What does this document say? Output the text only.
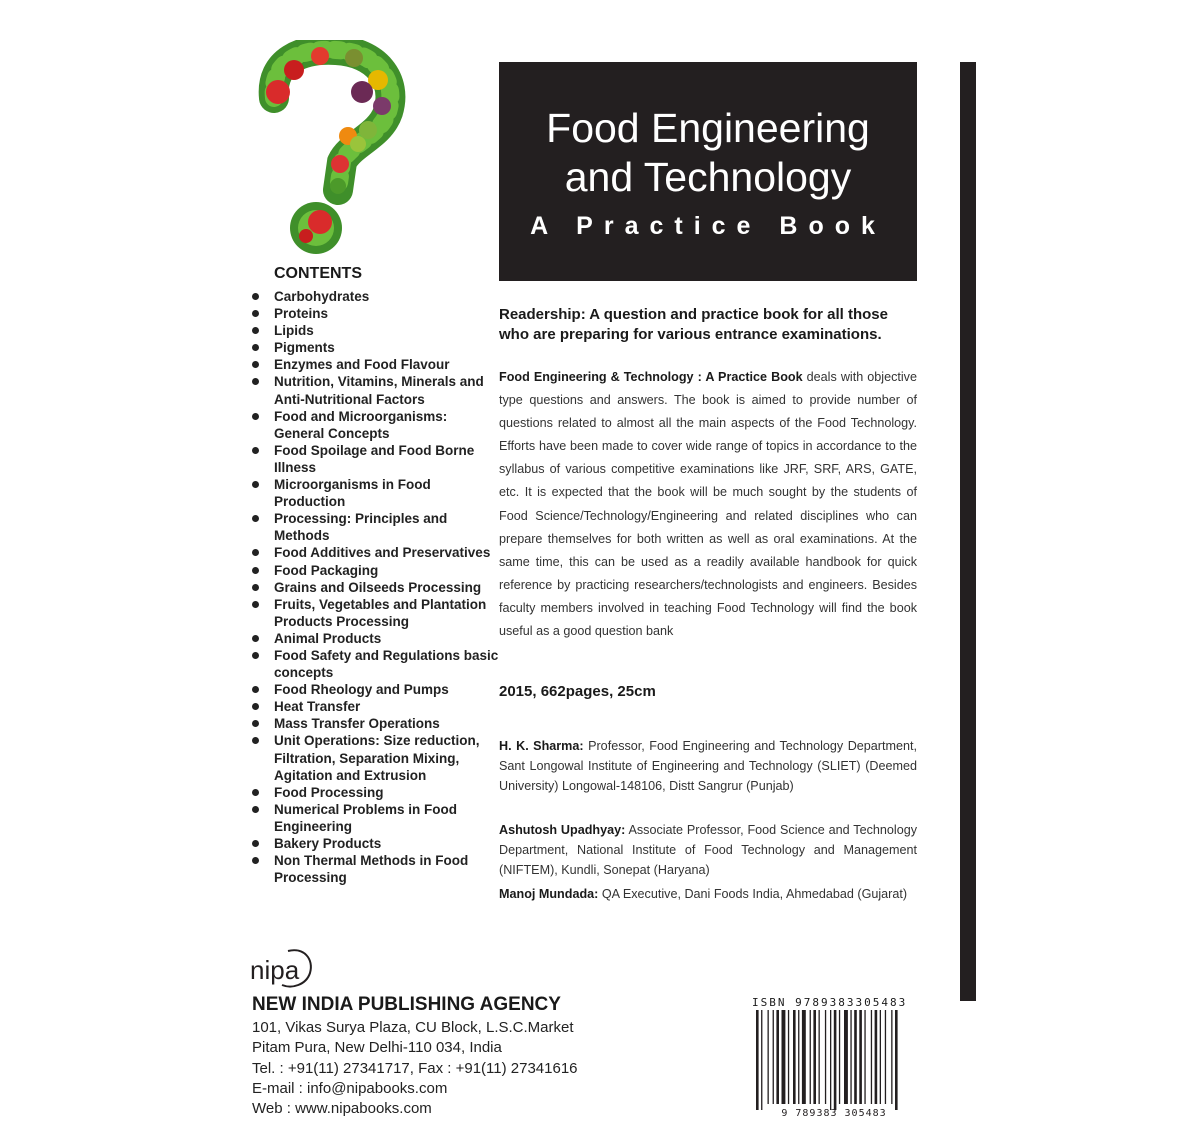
CONTENTS
Carbohydrates
Proteins
Lipids
Pigments
Enzymes and Food Flavour
Nutrition, Vitamins, Minerals and Anti-Nutritional Factors
Food and Microorganisms: General Concepts
Food Spoilage and Food Borne Illness
Microorganisms in Food Production
Processing: Principles and Methods
Food Additives and Preservatives
Food Packaging
Grains and Oilseeds Processing
Fruits, Vegetables and Plantation Products Processing
Animal Products
Food Safety and Regulations basic concepts
Food Rheology and Pumps
Heat Transfer
Mass Transfer Operations
Unit Operations: Size reduction, Filtration, Separation Mixing, Agitation and Extrusion
Food Processing
Numerical Problems in Food Engineering
Bakery Products
Non Thermal Methods in Food Processing
Food Engineering
and Technology
A Practice Book
Readership: A question and practice book for all those who are preparing for various entrance examinations.

Food Engineering & Technology : A Practice Book deals with objective type questions and answers. The book is aimed to provide number of questions related to almost all the main aspects of the Food Technology. Efforts have been made to cover wide range of topics in accordance to the syllabus of various competitive examinations like JRF, SRF, ARS, GATE, etc. It is expected that the book will be much sought by the students of Food Science/Technology/Engineering and related disciplines who can prepare themselves for both written as well as oral examinations. At the same time, this can be used as a readily available handbook for quick reference by practicing researchers/technologists and engineers. Besides faculty members involved in teaching Food Technology will find the book useful as a good question bank

2015, 662pages, 25cm

H. K. Sharma: Professor, Food Engineering and Technology Department, Sant Longowal Institute of Engineering and Technology (SLIET) (Deemed University) Longowal-148106, Distt Sangrur (Punjab)

Ashutosh Upadhyay: Associate Professor, Food Science and Technology Department, National Institute of Food Technology and Management (NIFTEM), Kundli, Sonepat (Haryana)

Manoj Mundada: QA Executive, Dani Foods India, Ahmedabad (Gujarat)

nipa
NEW INDIA PUBLISHING AGENCY
101, Vikas Surya Plaza, CU Block, L.S.C.Market
Pitam Pura, New Delhi-110 034, India
Tel. : +91(11) 27341717, Fax : +91(11) 27341616
E-mail : info@nipabooks.com
Web : www.nipabooks.com
ISBN 9789383305483
9 789383 305483
